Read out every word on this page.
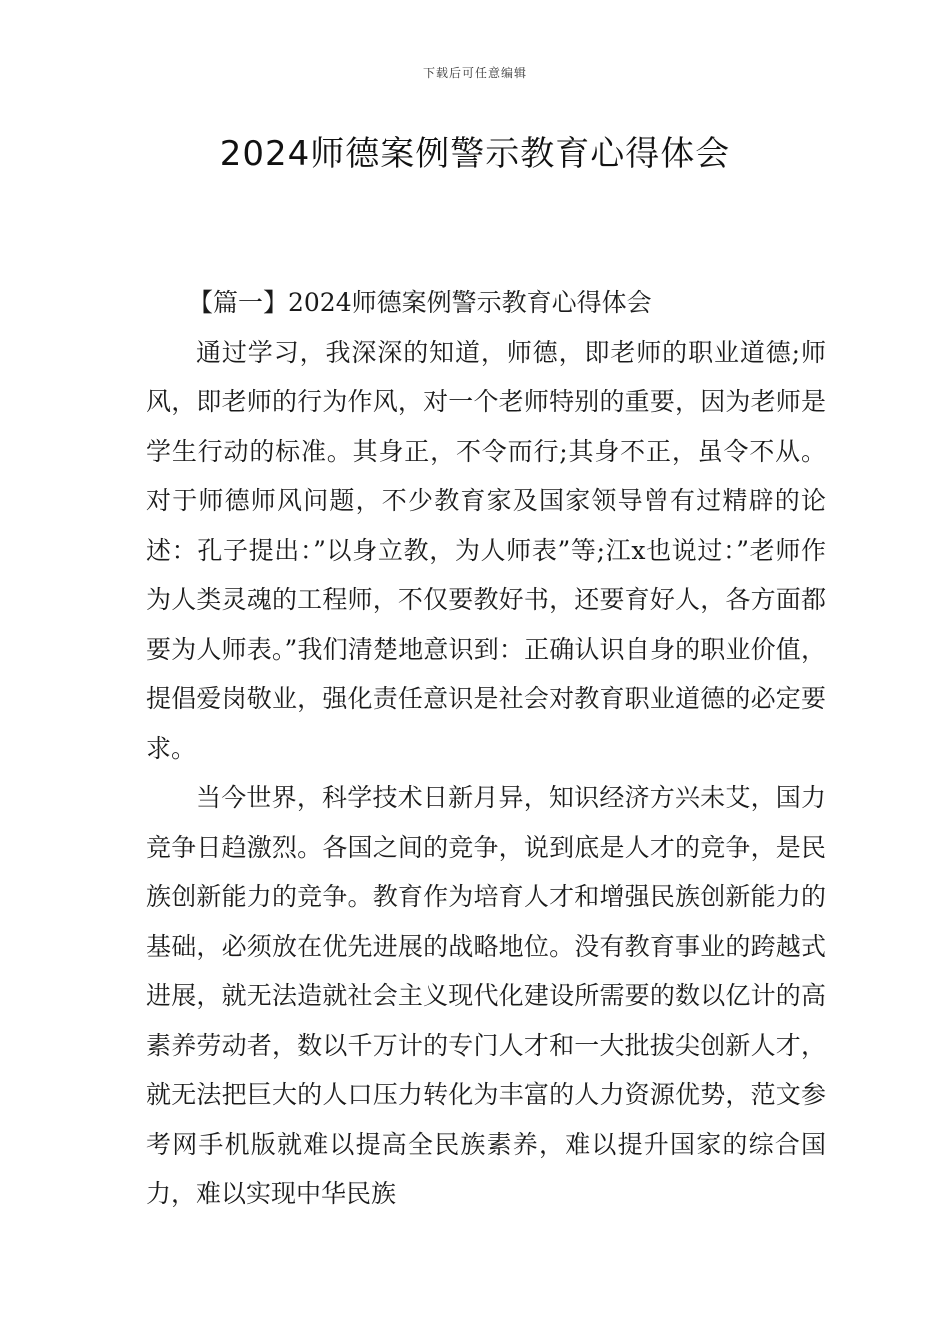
下载后可任意编辑
2024师德案例警示教育心得体会

【篇一】2024师德案例警示教育心得体会

通过学习，我深深的知道，师德，即老师的职业道德;师风，即老师的行为作风，对一个老师特别的重要，因为老师是学生行动的标准。其身正，不令而行;其身不正，虽令不从。对于师德师风问题，不少教育家及国家领导曾有过精辟的论述：孔子提出：”以身立教，为人师表”等;江x也说过：”老师作为人类灵魂的工程师，不仅要教好书，还要育好人，各方面都要为人师表。”我们清楚地意识到：正确认识自身的职业价值，提倡爱岗敬业，强化责任意识是社会对教育职业道德的必定要求。

当今世界，科学技术日新月异，知识经济方兴未艾，国力竞争日趋激烈。各国之间的竞争，说到底是人才的竞争，是民族创新能力的竞争。教育作为培育人才和增强民族创新能力的基础，必须放在优先进展的战略地位。没有教育事业的跨越式进展，就无法造就社会主义现代化建设所需要的数以亿计的高素养劳动者，数以千万计的专门人才和一大批拔尖创新人才，就无法把巨大的人口压力转化为丰富的人力资源优势，范文参考网手机版就难以提高全民族素养，难以提升国家的综合国力，难以实现中华民族
